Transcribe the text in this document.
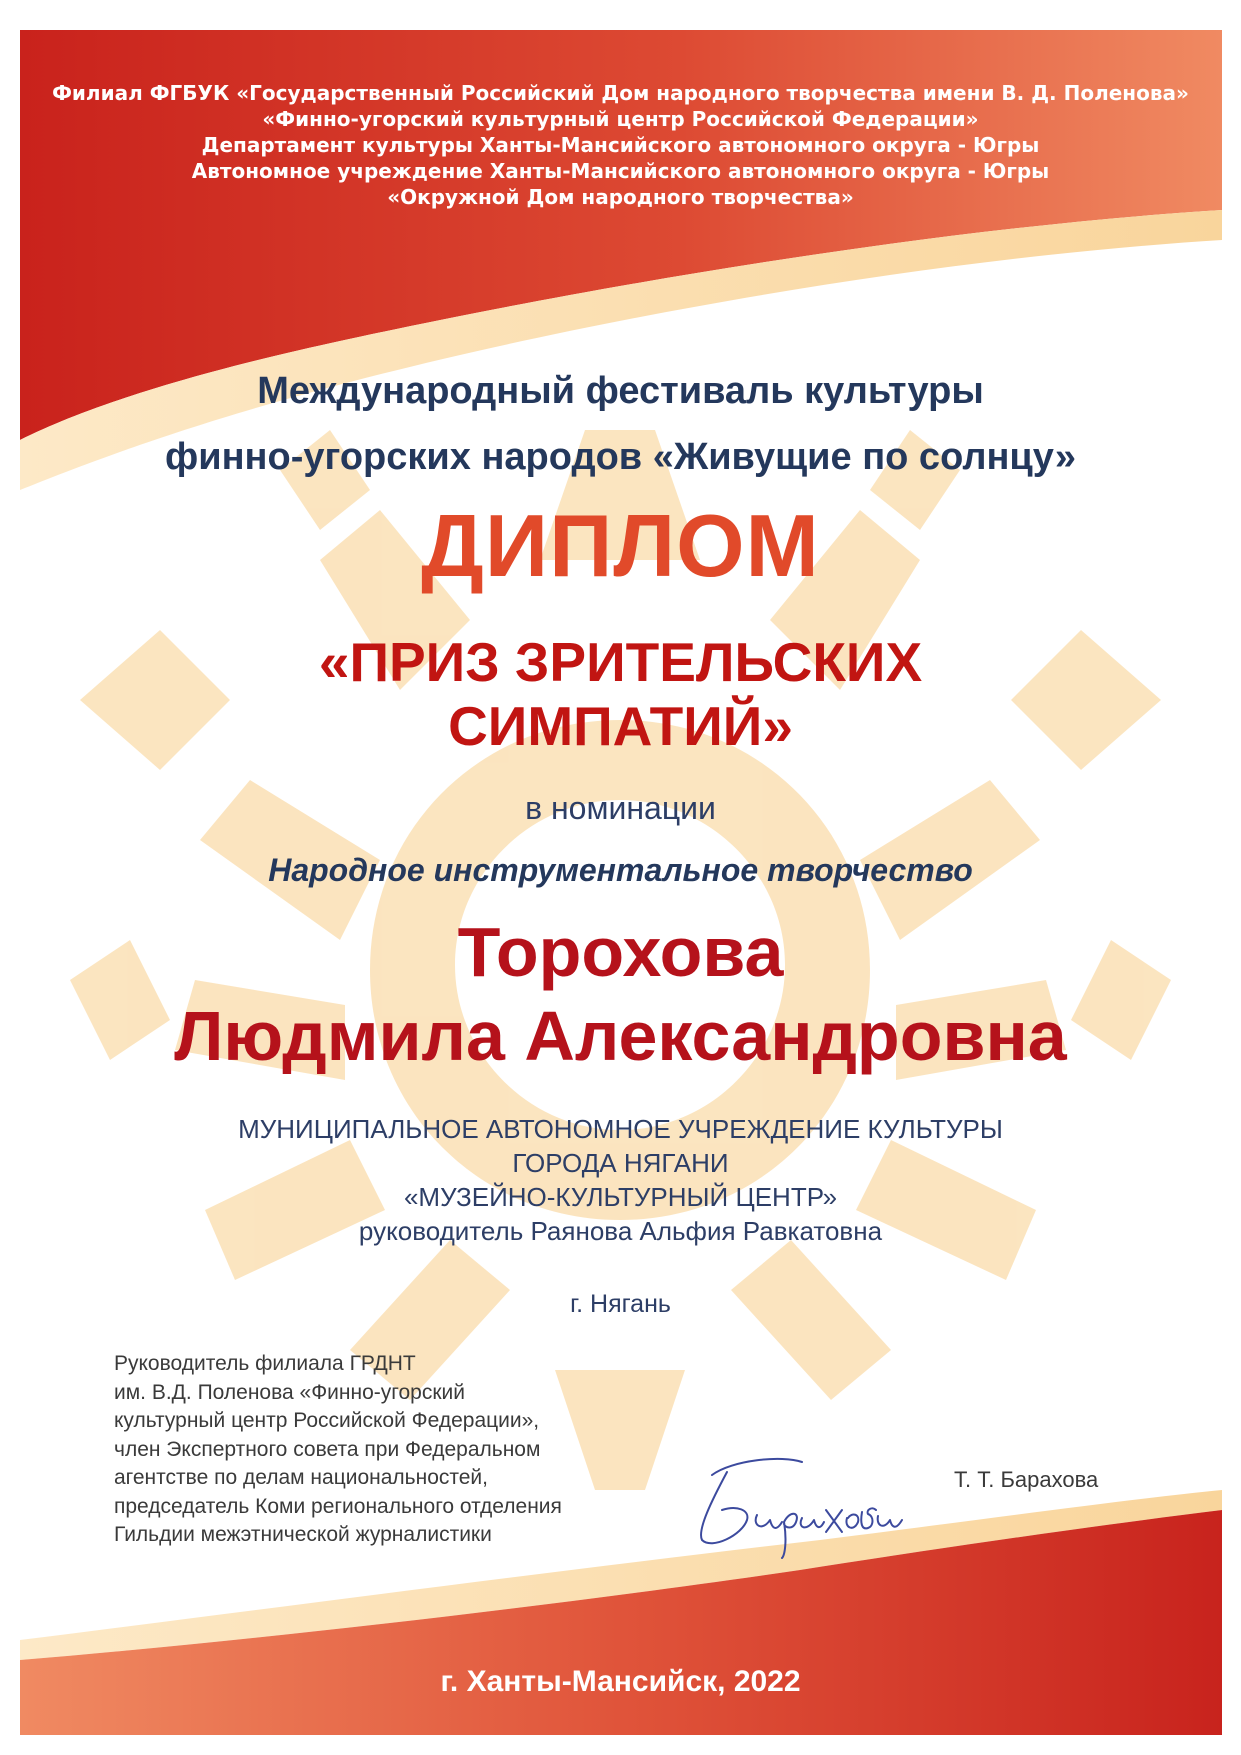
Филиал ФГБУК «Государственный Российский Дом народного творчества имени В. Д. Поленова»
«Финно-угорский культурный центр Российской Федерации»
Департамент культуры Ханты-Мансийского автономного округа - Югры
Автономное учреждение Ханты-Мансийского автономного округа - Югры
«Окружной Дом народного творчества»
Международный фестиваль культуры
финно-угорских народов «Живущие по солнцу»
ДИПЛОМ
«ПРИЗ ЗРИТЕЛЬСКИХ
СИМПАТИЙ»
в номинации
Народное инструментальное творчество
Торохова
Людмила Александровна
МУНИЦИПАЛЬНОЕ АВТОНОМНОЕ УЧРЕЖДЕНИЕ КУЛЬТУРЫ
ГОРОДА НЯГАНИ
«МУЗЕЙНО-КУЛЬТУРНЫЙ ЦЕНТР»
руководитель Раянова Альфия Равкатовна
г. Нягань
Руководитель филиала ГРДНТ
им. В.Д. Поленова «Финно-угорский
культурный центр Российской Федерации»,
член Экспертного совета при Федеральном
агентстве по делам национальностей,
председатель Коми регионального отделения
Гильдии межэтнической журналистики
Т. Т. Барахова
г. Ханты-Мансийск, 2022
